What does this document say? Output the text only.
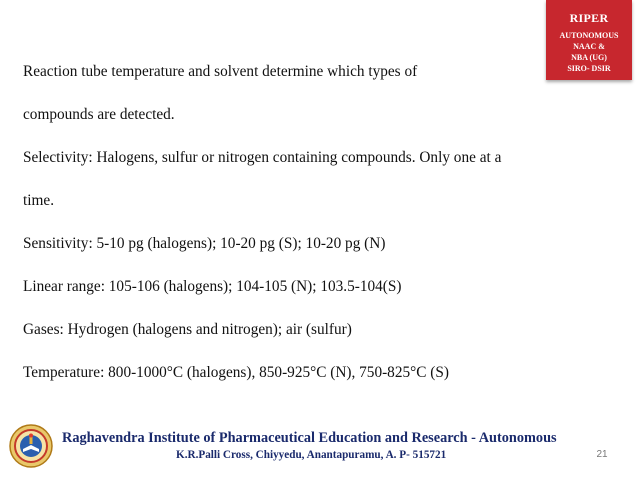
RIPER
AUTONOMOUS
NAAC &
NBA (UG)
SIRO- DSIR
Reaction tube temperature and solvent determine which types of
compounds are detected.
Selectivity: Halogens, sulfur or nitrogen containing compounds. Only one at a
time.
Sensitivity: 5-10 pg (halogens); 10-20 pg (S); 10-20 pg (N)
Linear range: 105-106 (halogens); 104-105 (N); 103.5-104(S)
Gases: Hydrogen (halogens and nitrogen); air (sulfur)
Temperature: 800-1000°C (halogens), 850-925°C (N), 750-825°C (S)
Raghavendra Institute of Pharmaceutical Education and Research - Autonomous
K.R.Palli Cross, Chiyyedu, Anantapuramu, A. P- 515721	21
